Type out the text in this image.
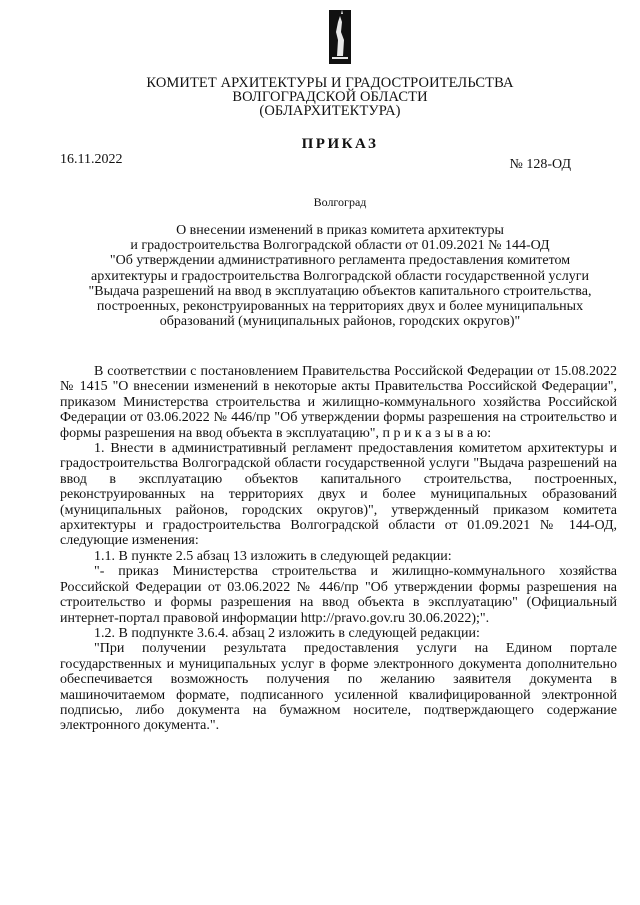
КОМИТЕТ АРХИТЕКТУРЫ И ГРАДОСТРОИТЕЛЬСТВА
ВОЛГОГРАДСКОЙ ОБЛАСТИ
(ОБЛАРХИТЕКТУРА)
ПРИКАЗ
16.11.2022	№ 128-ОД
Волгоград
О внесении изменений в приказ комитета архитектуры
и градостроительства Волгоградской области от 01.09.2021 № 144-ОД
"Об утверждении административного регламента предоставления комитетом
архитектуры и градостроительства Волгоградской области государственной услуги
"Выдача разрешений на ввод в эксплуатацию объектов капитального строительства,
построенных, реконструированных на территориях двух и более муниципальных
образований (муниципальных районов, городских округов)"

В соответствии с постановлением Правительства Российской Федерации от 15.08.2022 № 1415 "О внесении изменений в некоторые акты Правительства Российской Федерации", приказом Министерства строительства и жилищно-коммунального хозяйства Российской Федерации от 03.06.2022 № 446/пр "Об утверждении формы разрешения на строительство и формы разрешения на ввод объекта в эксплуатацию", п р и к а з ы в а ю:

1. Внести в административный регламент предоставления комитетом архитектуры и градостроительства Волгоградской области государственной услуги "Выдача разрешений на ввод в эксплуатацию объектов капитального строительства, построенных, реконструированных на территориях двух и более муниципальных образований (муниципальных районов, городских округов)", утвержденный приказом комитета архитектуры и градостроительства Волгоградской области от 01.09.2021 № 144-ОД, следующие изменения:

1.1. В пункте 2.5 абзац 13 изложить в следующей редакции:

"- приказ Министерства строительства и жилищно-коммунального хозяйства Российской Федерации от 03.06.2022 № 446/пр "Об утверждении формы разрешения на строительство и формы разрешения на ввод объекта в эксплуатацию" (Официальный интернет-портал правовой информации http://pravo.gov.ru 30.06.2022);".

1.2. В подпункте 3.6.4. абзац 2 изложить в следующей редакции:

"При получении результата предоставления услуги на Едином портале государственных и муниципальных услуг в форме электронного документа дополнительно обеспечивается возможность получения по желанию заявителя документа в машиночитаемом формате, подписанного усиленной квалифицированной электронной подписью, либо документа на бумажном носителе, подтверждающего содержание электронного документа.".
